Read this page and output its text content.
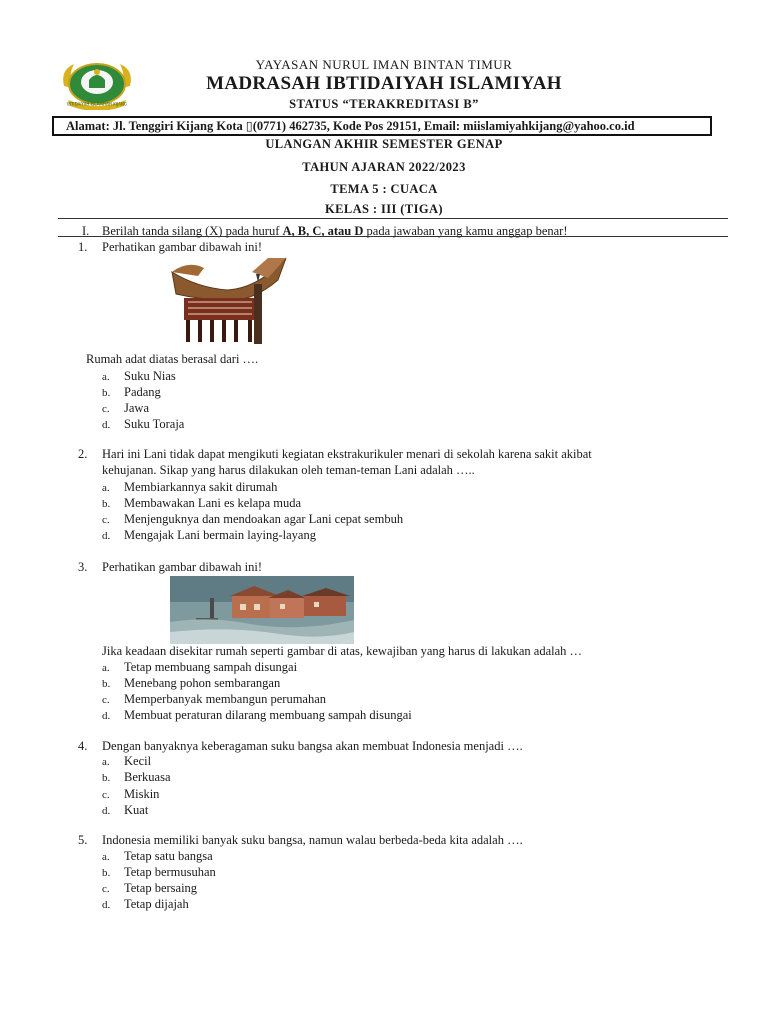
IBTIDAIYAH ISLAMIYAH KIJANG
YAYASAN NURUL IMAN BINTAN TIMUR
MADRASAH IBTIDAIYAH ISLAMIYAH
STATUS “TERAKREDITASI B”
Alamat: Jl. Tenggiri Kijang Kota ▯(0771) 462735, Kode Pos 29151, Email: miislamiyahkijang@yahoo.co.id
ULANGAN AKHIR SEMESTER GENAP
TAHUN AJARAN 2022/2023
TEMA 5 : CUACA
KELAS : III (TIGA)
I. Berilah tanda silang (X) pada huruf A, B, C, atau D pada jawaban yang kamu anggap benar!
1. Perhatikan gambar dibawah ini!
Rumah adat diatas berasal dari ….
a. Suku Nias
b. Padang
c. Jawa
d. Suku Toraja
2. Hari ini Lani tidak dapat mengikuti kegiatan ekstrakurikuler menari di sekolah karena sakit akibat
kehujanan. Sikap yang harus dilakukan oleh teman-teman Lani adalah …..
a. Membiarkannya sakit dirumah
b. Membawakan Lani es kelapa muda
c. Menjenguknya dan mendoakan agar Lani cepat sembuh
d. Mengajak Lani bermain laying-layang
3. Perhatikan gambar dibawah ini!
Jika keadaan disekitar rumah seperti gambar di atas, kewajiban yang harus di lakukan adalah …
a. Tetap membuang sampah disungai
b. Menebang pohon sembarangan
c. Memperbanyak membangun perumahan
d. Membuat peraturan dilarang membuang sampah disungai
4. Dengan banyaknya keberagaman suku bangsa akan membuat Indonesia menjadi ….
a. Kecil
b. Berkuasa
c. Miskin
d. Kuat
5. Indonesia memiliki banyak suku bangsa, namun walau berbeda-beda kita adalah ….
a. Tetap satu bangsa
b. Tetap bermusuhan
c. Tetap bersaing
d. Tetap dijajah
